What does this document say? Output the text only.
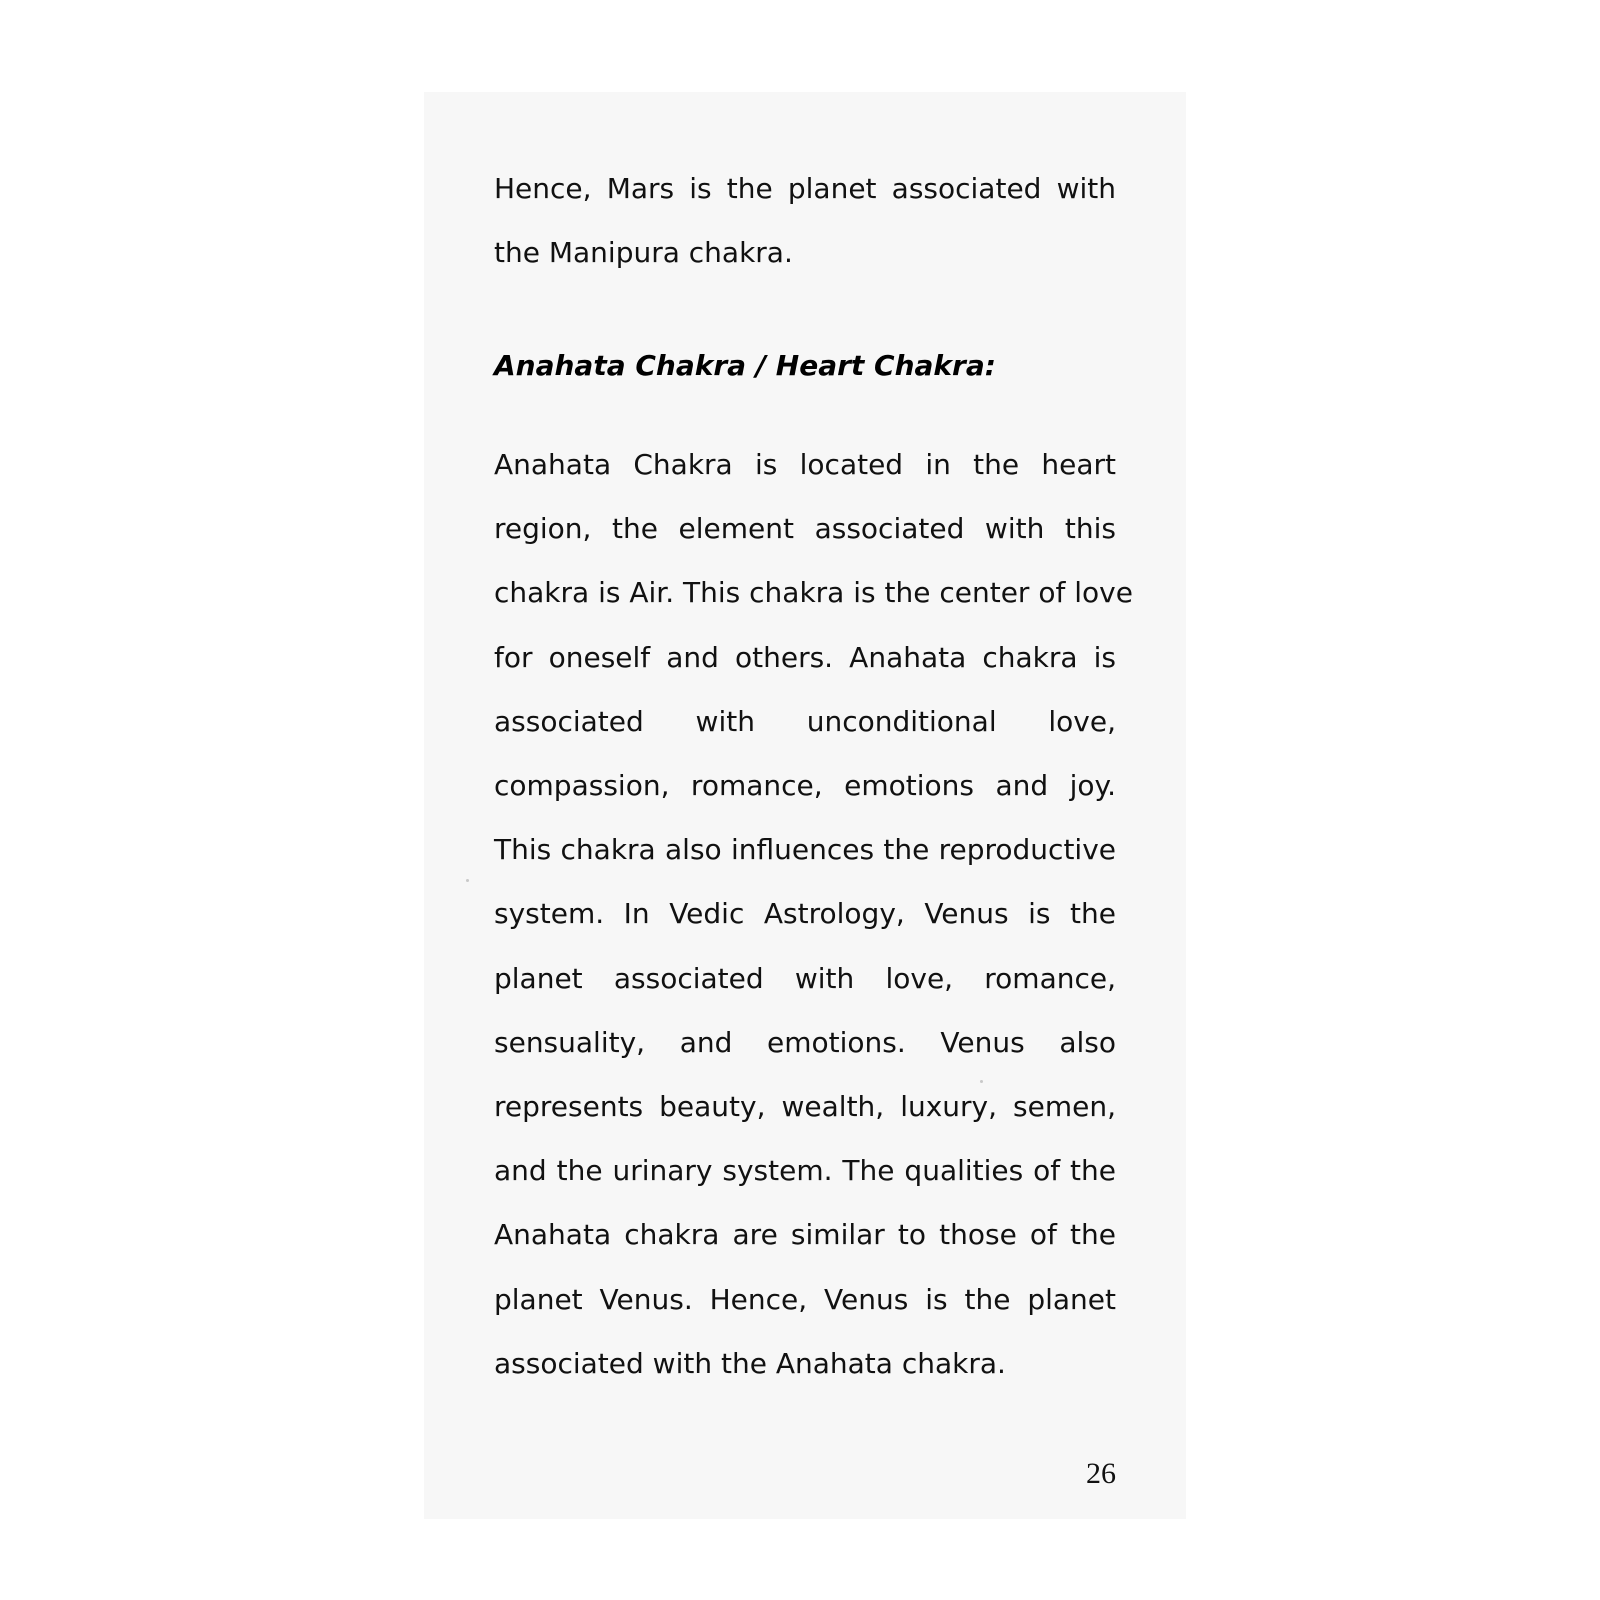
Hence, Mars is the planet associated with
the Manipura chakra.
Anahata Chakra / Heart Chakra:
Anahata Chakra is located in the heart
region, the element associated with this
chakra is Air. This chakra is the center of love
for oneself and others. Anahata chakra is
associated with unconditional love,
compassion, romance, emotions and joy.
This chakra also influences the reproductive
system. In Vedic Astrology, Venus is the
planet associated with love, romance,
sensuality, and emotions. Venus also
represents beauty, wealth, luxury, semen,
and the urinary system. The qualities of the
Anahata chakra are similar to those of the
planet Venus. Hence, Venus is the planet
associated with the Anahata chakra.
26
